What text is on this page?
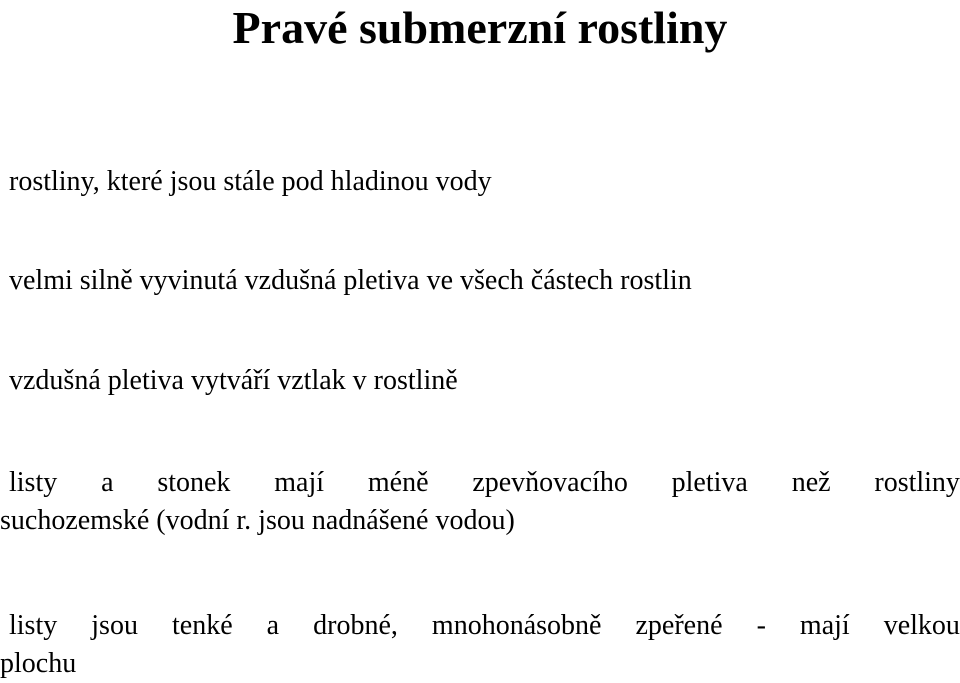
Pravé submerzní rostliny

rostliny, které jsou stále pod hladinou vody

velmi silně vyvinutá vzdušná pletiva ve všech částech rostlin

vzdušná pletiva vytváří vztlak v rostlině

listy a stonek mají méně zpevňovacího pletiva než rostliny
suchozemské (vodní r. jsou nadnášené vodou)
listy jsou tenké a drobné, mnohonásobně zpeřené - mají velkou
plochu
